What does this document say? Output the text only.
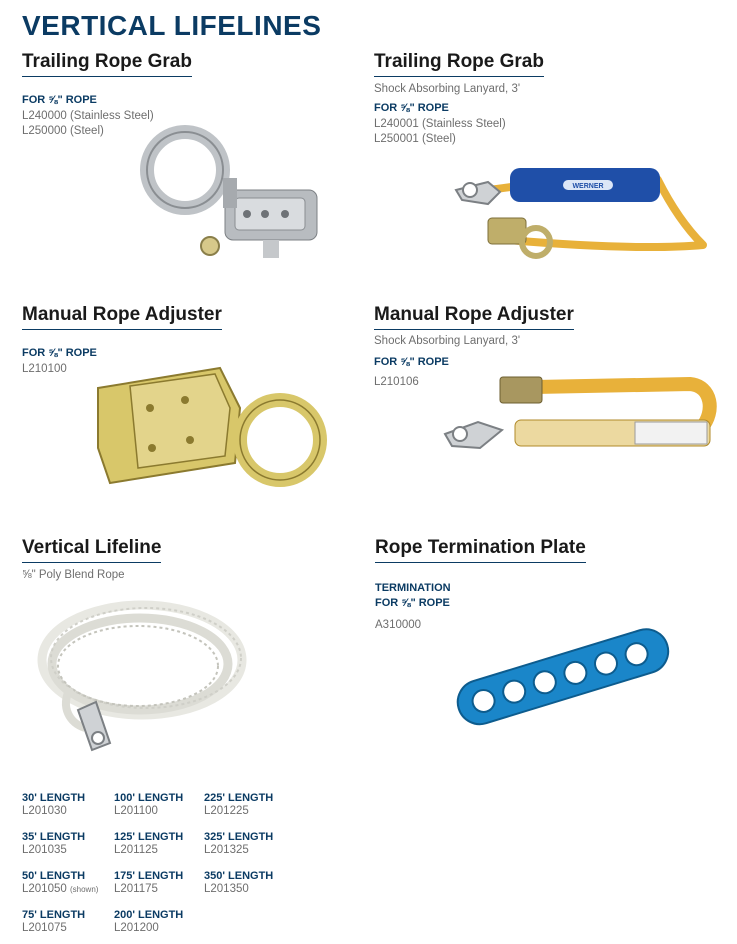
VERTICAL LIFELINES
Trailing Rope Grab
FOR ⅝" ROPE
L240000 (Stainless Steel)
L250000 (Steel)
Trailing Rope Grab
Shock Absorbing Lanyard, 3'
FOR ⅝" ROPE
L240001 (Stainless Steel)
L250001 (Steel)
WERNER
Manual Rope Adjuster
FOR ⅝" ROPE
L210100
Manual Rope Adjuster
Shock Absorbing Lanyard, 3'
FOR ⅝" ROPE
L210106
Vertical Lifeline
⅝" Poly Blend Rope
Rope Termination Plate
TERMINATION
FOR ⅝" ROPE
A310000
30' LENGTH
L201030
35' LENGTH
L201035
50' LENGTH
L201050 (shown)
75' LENGTH
L201075
100' LENGTH
L201100
125' LENGTH
L201125
175' LENGTH
L201175
200' LENGTH
L201200
225' LENGTH
L201225
325' LENGTH
L201325
350' LENGTH
L201350
